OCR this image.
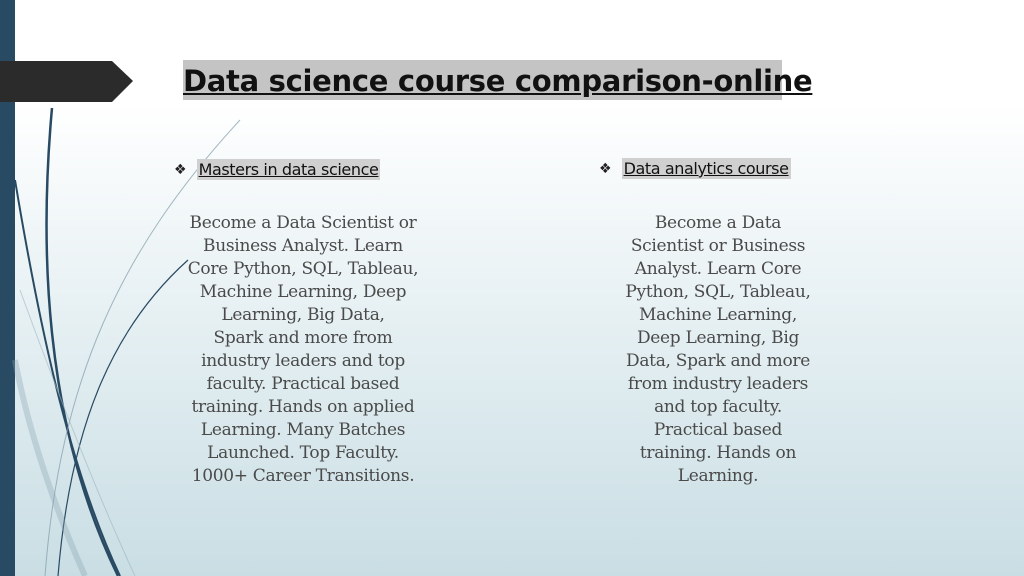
Data science course comparison-online
❖ Masters in data science	❖ Data analytics course
Become a Data Scientist or
Business Analyst. Learn
Core Python, SQL, Tableau,
Machine Learning, Deep
Learning, Big Data,
Spark and more from
industry leaders and top
faculty. Practical based
training. Hands on applied
Learning. Many Batches
Launched. Top Faculty.
1000+ Career Transitions.
Become a Data
Scientist or Business
Analyst. Learn Core
Python, SQL, Tableau,
Machine Learning,
Deep Learning, Big
Data, Spark and more
from industry leaders
and top faculty.
Practical based
training. Hands on
Learning.
